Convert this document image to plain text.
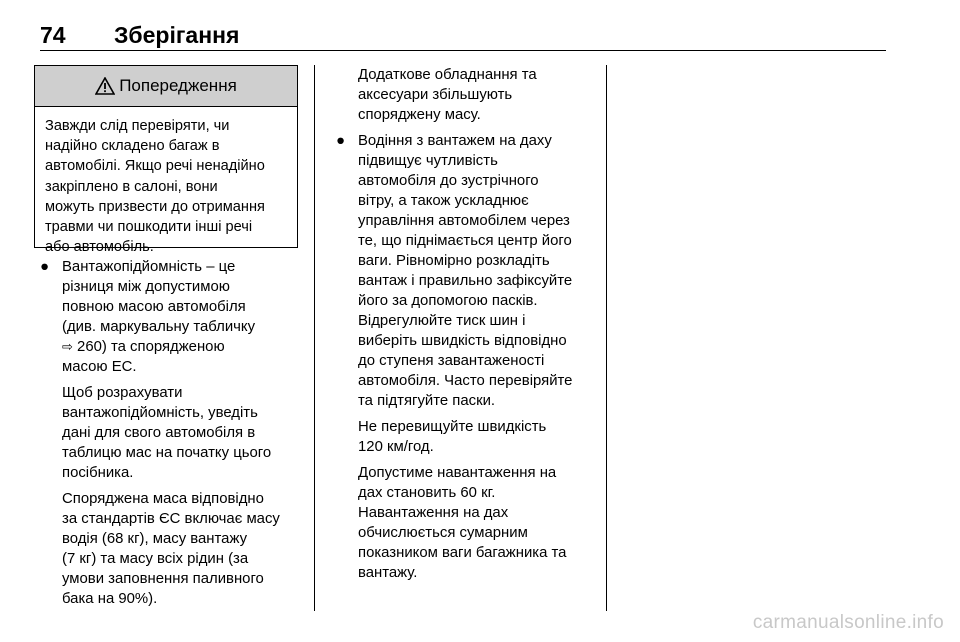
74 Зберігання
Попередження
Завжди слід перевіряти, чи
надійно складено багаж в
автомобілі. Якщо речі ненадійно
закріплено в салоні, вони
можуть призвести до отримання
травми чи пошкодити інші речі
або автомобіль.
● Вантажопідйомність – це
різниця між допустимою
повною масою автомобіля
(див. маркувальну табличку
⇨ 260) та спорядженою
масою ЕС.
Щоб розрахувати
вантажопідйомність, уведіть
дані для свого автомобіля в
таблицю мас на початку цього
посібника.
Споряджена маса відповідно
за стандартів ЄС включає масу
водія (68 кг), масу вантажу
(7 кг) та масу всіх рідин (за
умови заповнення паливного
бака на 90%).
Додаткове обладнання та
аксесуари збільшують
споряджену масу.
● Водіння з вантажем на даху
підвищує чутливість
автомобіля до зустрічного
вітру, а також ускладнює
управління автомобілем через
те, що піднімається центр його
ваги. Рівномірно розкладіть
вантаж і правильно зафіксуйте
його за допомогою пасків.
Відрегулюйте тиск шин і
виберіть швидкість відповідно
до ступеня завантаженості
автомобіля. Часто перевіряйте
та підтягуйте паски.
Не перевищуйте швидкість
120 км/год.
Допустиме навантаження на
дах становить 60 кг.
Навантаження на дах
обчислюється сумарним
показником ваги багажника та
вантажу.
carmanualsonline.info
